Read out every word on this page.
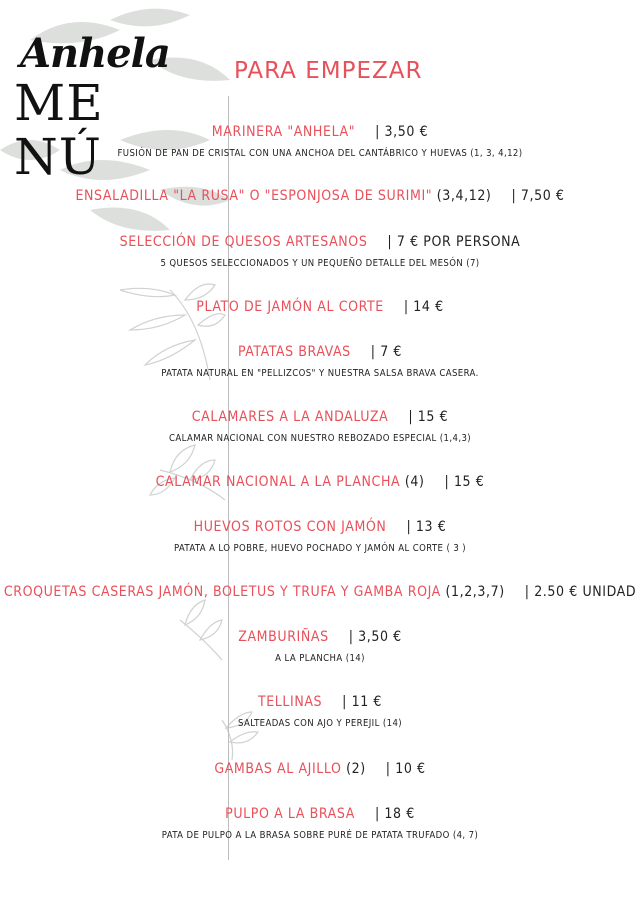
Anhela
ME
NÚ
PARA EMPEZAR
MARINERA "ANHELA" | 3,50 €
FUSIÓN DE PAN DE CRISTAL CON UNA ANCHOA DEL CANTÁBRICO Y HUEVAS (1, 3, 4,12)
ENSALADILLA "LA RUSA" O "ESPONJOSA DE SURIMI" (3,4,12) | 7,50 €
SELECCIÓN DE QUESOS ARTESANOS | 7 € POR PERSONA
5 QUESOS SELECCIONADOS Y UN PEQUEÑO DETALLE DEL MESÓN (7)
PLATO DE JAMÓN AL CORTE | 14 €
PATATAS BRAVAS | 7 €
PATATA NATURAL EN "PELLIZCOS" Y NUESTRA SALSA BRAVA CASERA.
CALAMARES A LA ANDALUZA | 15 €
CALAMAR NACIONAL CON NUESTRO REBOZADO ESPECIAL (1,4,3)
CALAMAR NACIONAL A LA PLANCHA (4) | 15 €
HUEVOS ROTOS CON JAMÓN | 13 €
PATATA A LO POBRE, HUEVO POCHADO Y JAMÓN AL CORTE ( 3 )
CROQUETAS CASERAS JAMÓN, BOLETUS Y TRUFA Y GAMBA ROJA (1,2,3,7) | 2.50 € UNIDAD
ZAMBURIÑAS | 3,50 €
A LA PLANCHA (14)
TELLINAS | 11 €
SALTEADAS CON AJO Y PEREJIL (14)
GAMBAS AL AJILLO (2) | 10 €
PULPO A LA BRASA | 18 €
PATA DE PULPO A LA BRASA SOBRE PURÉ DE PATATA TRUFADO (4, 7)
